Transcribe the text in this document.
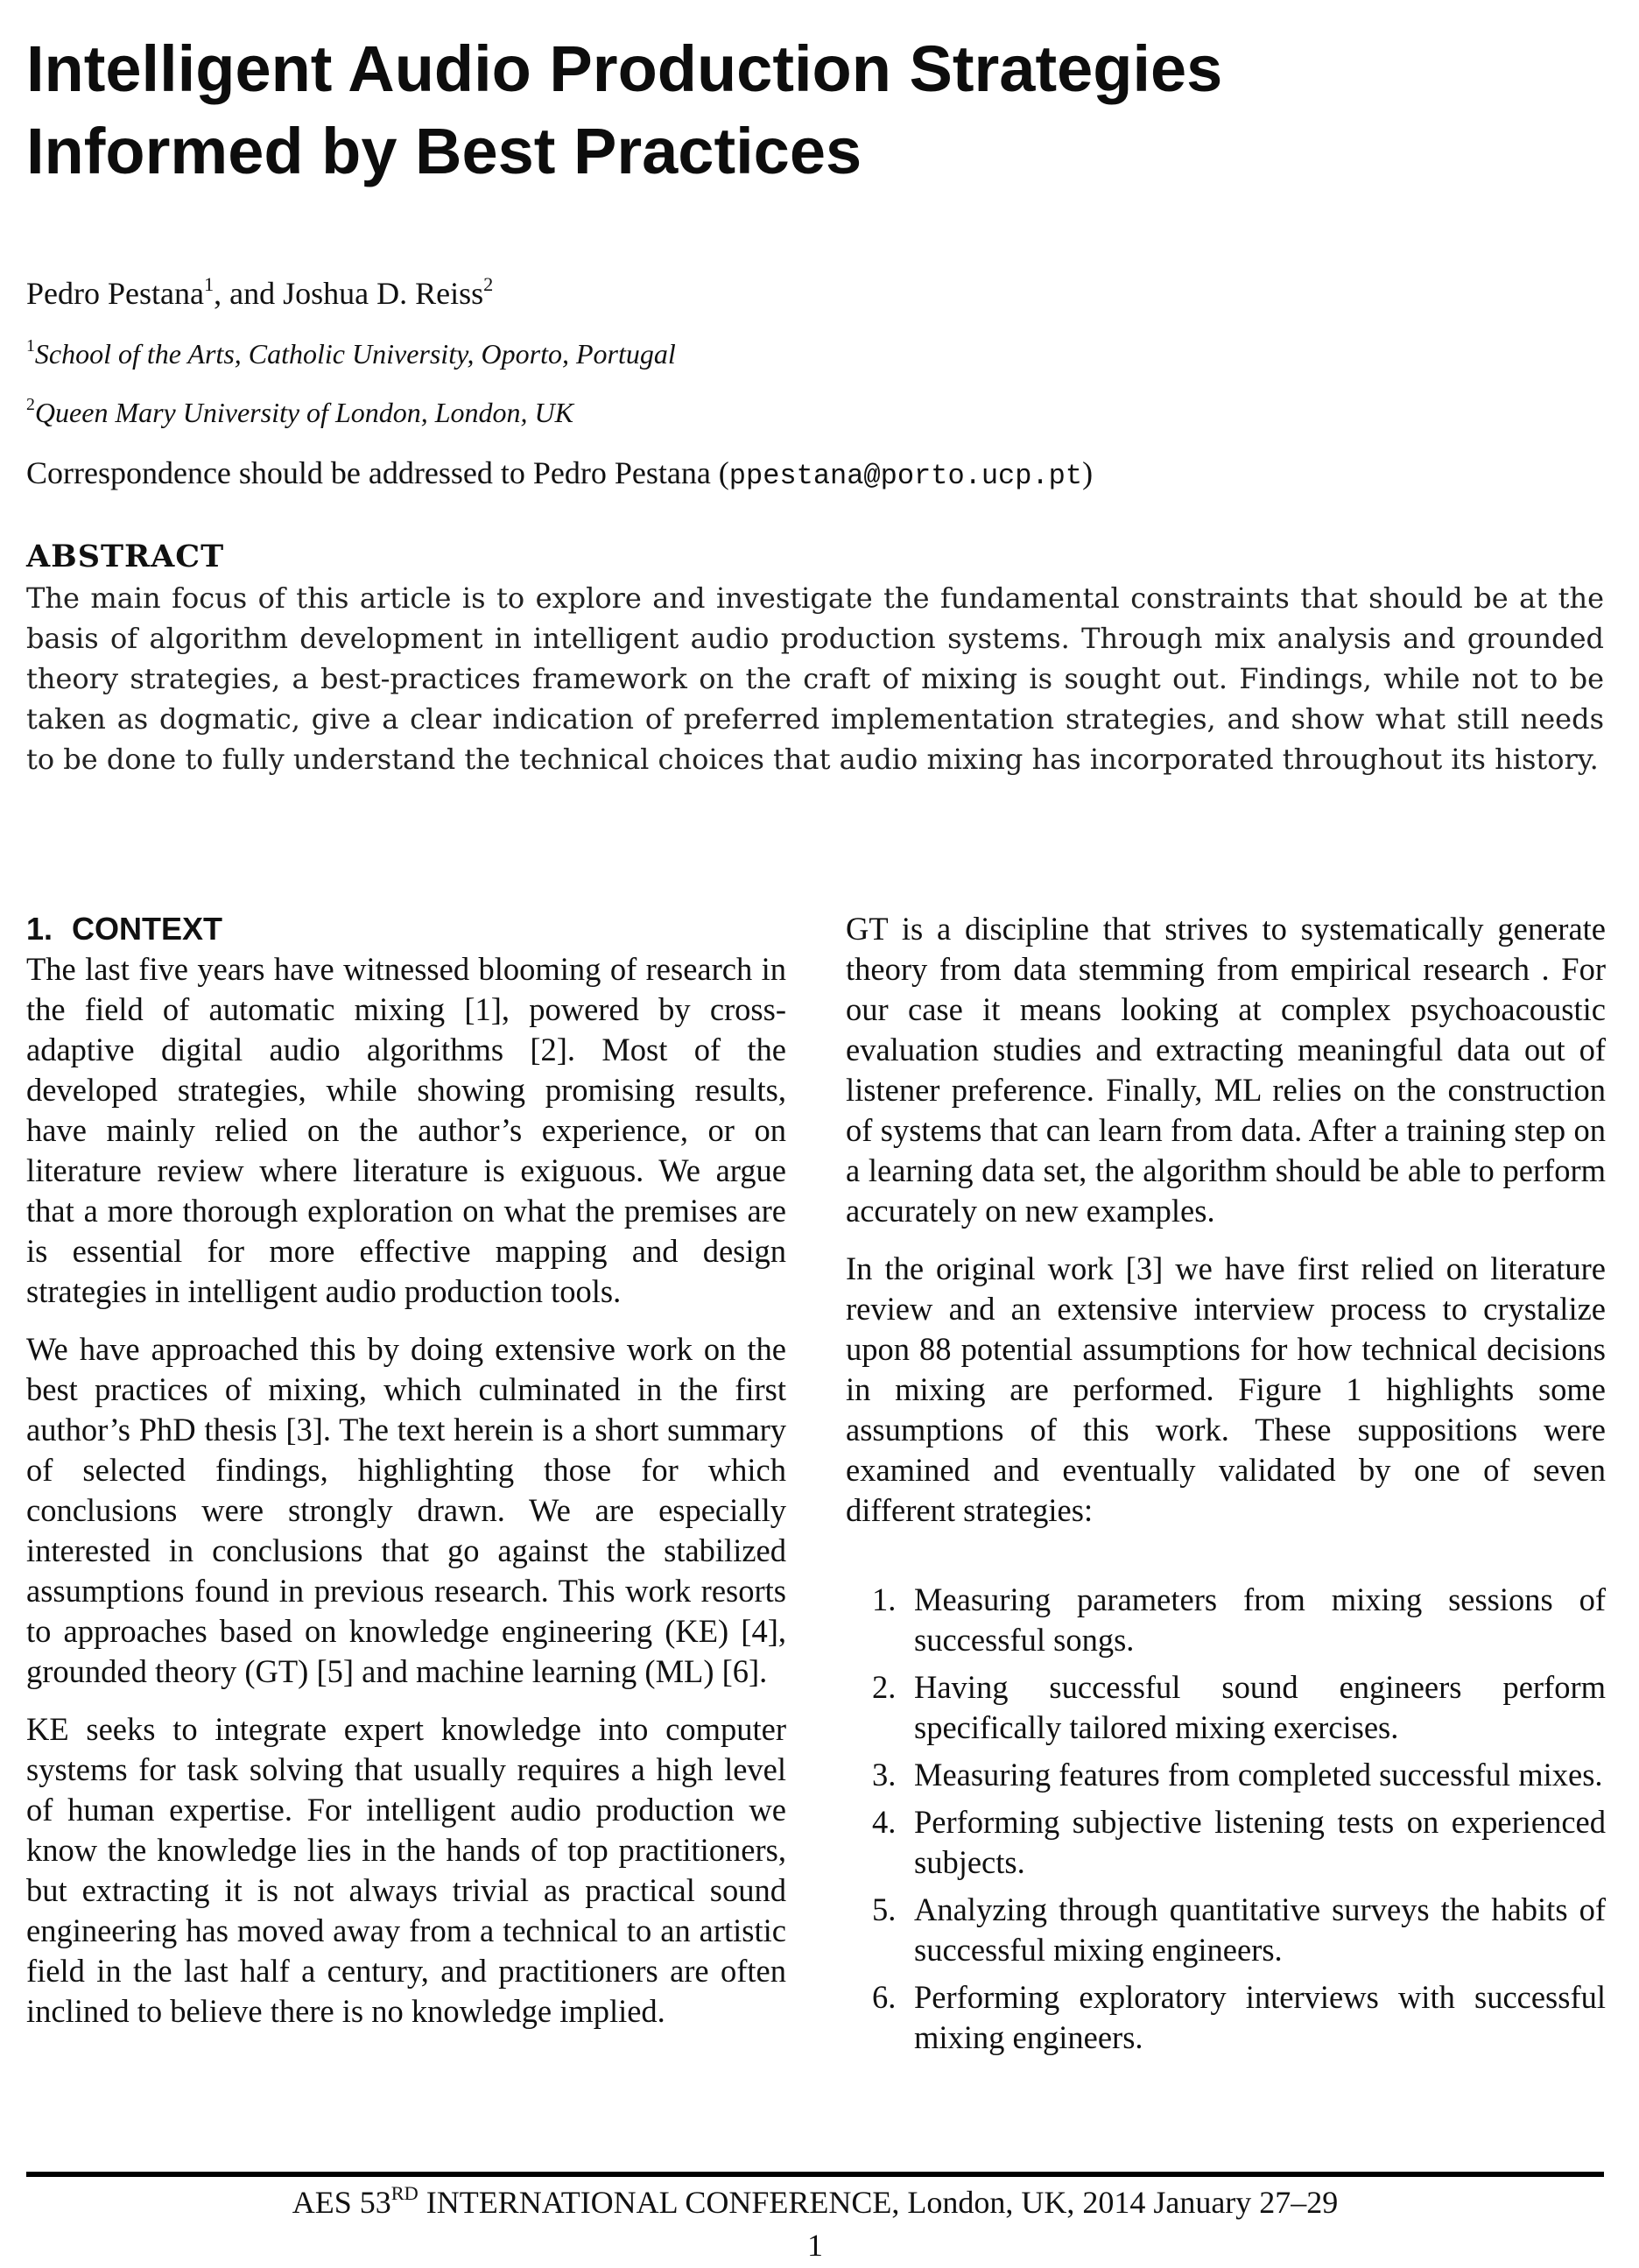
Intelligent Audio Production Strategies
Informed by Best Practices
Pedro Pestana$^1$, and Joshua D. Reiss$^2$
$^1$School of the Arts, Catholic University, Oporto, Portugal
$^2$Queen Mary University of London, London, UK
Correspondence should be addressed to Pedro Pestana (ppestana@porto.ucp.pt)
ABSTRACT

The main focus of this article is to explore and investigate the fundamental constraints that should be at the basis of algorithm development in intelligent audio production systems. Through mix analysis and grounded theory strategies, a best-practices framework on the craft of mixing is sought out. Findings, while not to be taken as dogmatic, give a clear indication of preferred implementation strategies, and show what still needs to be done to fully understand the technical choices that audio mixing has incorporated throughout its history.

1. CONTEXT

The last five years have witnessed blooming of research in the field of automatic mixing [1], powered by cross-adaptive digital audio algorithms [2]. Most of the developed strategies, while showing promising results, have mainly relied on the author’s experience, or on literature review where literature is exiguous. We argue that a more thorough exploration on what the premises are is essential for more effective mapping and design strategies in intelligent audio production tools.

We have approached this by doing extensive work on the best practices of mixing, which culminated in the first author’s PhD thesis [3]. The text herein is a short summary of selected findings, highlighting those for which conclusions were strongly drawn. We are especially interested in conclusions that go against the stabilized assumptions found in previous research. This work resorts to approaches based on knowledge engineering (KE) [4], grounded theory (GT) [5] and machine learning (ML) [6].

KE seeks to integrate expert knowledge into computer systems for task solving that usually requires a high level of human expertise. For intelligent audio production we know the knowledge lies in the hands of top practitioners, but extracting it is not always trivial as practical sound engineering has moved away from a technical to an artistic field in the last half a century, and practitioners are often inclined to believe there is no knowledge implied.

GT is a discipline that strives to systematically generate theory from data stemming from empirical research . For our case it means looking at complex psychoacoustic evaluation studies and extracting meaningful data out of listener preference. Finally, ML relies on the construction of systems that can learn from data. After a training step on a learning data set, the algorithm should be able to perform accurately on new examples.

In the original work [3] we have first relied on literature review and an extensive interview process to crystalize upon 88 potential assumptions for how technical decisions in mixing are performed. Figure 1 highlights some assumptions of this work. These suppositions were examined and eventually validated by one of seven different strategies:

1. Measuring parameters from mixing sessions of successful songs.
2. Having successful sound engineers perform specifically tailored mixing exercises.
3. Measuring features from completed successful mixes.
4. Performing subjective listening tests on experienced subjects.
5. Analyzing through quantitative surveys the habits of successful mixing engineers.
6. Performing exploratory interviews with successful mixing engineers.
AES 53RD INTERNATIONAL CONFERENCE, London, UK, 2014 January 27–29
1
